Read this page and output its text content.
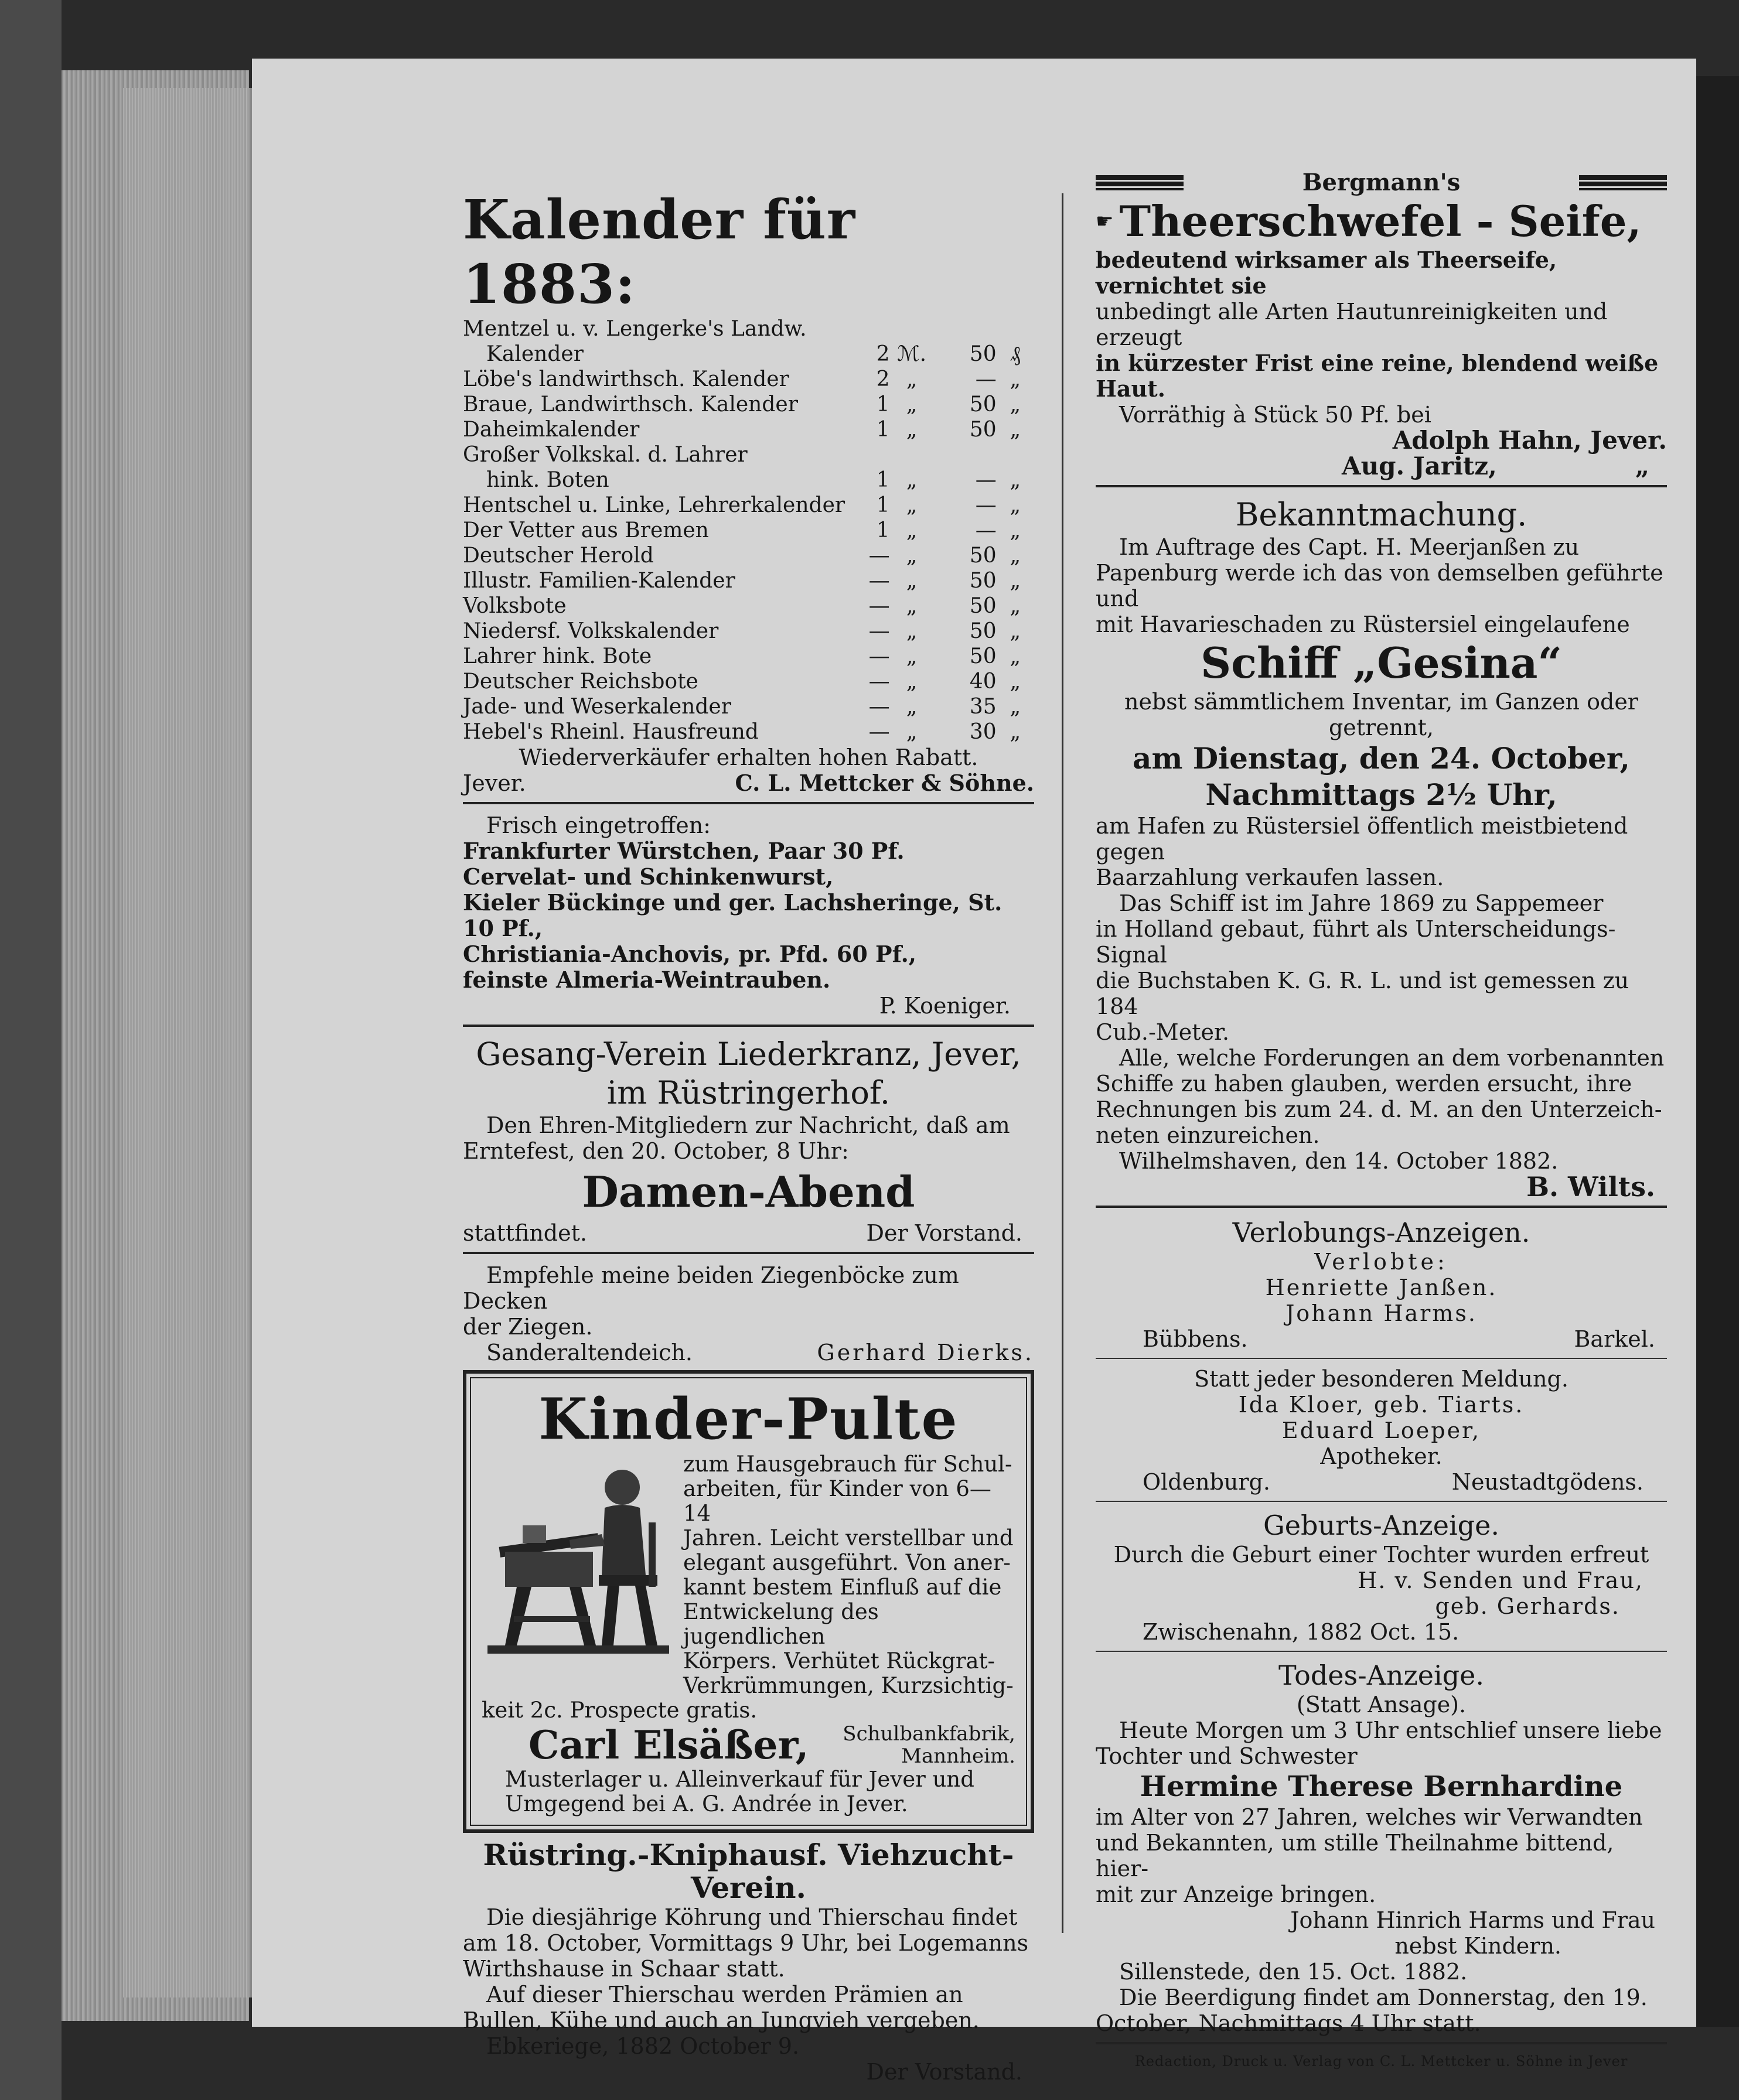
Kalender für 1883:
Mentzel u. v. Lengerke's Landw.				
Kalender	2	ℳ.	50	₰
Löbe's landwirthsch. Kalender	2	„	—	„
Braue, Landwirthsch. Kalender	1	„	50	„
Daheimkalender	1	„	50	„
Großer Volkskal. d. Lahrer				
hink. Boten	1	„	—	„
Hentschel u. Linke, Lehrerkalender	1	„	—	„
Der Vetter aus Bremen	1	„	—	„
Deutscher Herold	—	„	50	„
Illustr. Familien-Kalender	—	„	50	„
Volksbote	—	„	50	„
Niedersf. Volkskalender	—	„	50	„
Lahrer hink. Bote	—	„	50	„
Deutscher Reichsbote	—	„	40	„
Jade- und Weserkalender	—	„	35	„
Hebel's Rheinl. Hausfreund	—	„	30	„
Wiederverkäufer erhalten hohen Rabatt.
Jever.	C. L. Mettcker & Söhne.
Frisch eingetroffen:
Frankfurter Würstchen, Paar 30 Pf.
Cervelat- und Schinkenwurst,
Kieler Bückinge und ger. Lachsheringe, St. 10 Pf.,
Christiania-Anchovis, pr. Pfd. 60 Pf.,
feinste Almeria-Weintrauben.
P. Koeniger.
Gesang-Verein Liederkranz, Jever,
im Rüstringerhof.
Den Ehren-Mitgliedern zur Nachricht, daß am
Erntefest, den 20. October, 8 Uhr:
Damen-Abend
stattfindet.	Der Vorstand.
Empfehle meine beiden Ziegenböcke zum Decken
der Ziegen.
Sanderaltendeich.	Gerhard Dierks.
Kinder-Pulte
zum Hausgebrauch für Schul-
arbeiten, für Kinder von 6—14
Jahren. Leicht verstellbar und
elegant ausgeführt. Von aner-
kannt bestem Einfluß auf die
Entwickelung des jugendlichen
Körpers. Verhütet Rückgrat-
Verkrümmungen, Kurzsichtig-
keit 2c. Prospecte gratis.
Carl Elsäßer, Schulbankfabrik,
Mannheim.
Musterlager u. Alleinverkauf für Jever und
Umgegend bei A. G. Andrée in Jever.
Rüstring.-Kniphausf. Viehzucht-Verein.
Die diesjährige Köhrung und Thierschau findet
am 18. October, Vormittags 9 Uhr, bei Logemanns
Wirthshause in Schaar statt.
Auf dieser Thierschau werden Prämien an
Bullen, Kühe und auch an Jungvieh vergeben.
Ebkeriege, 1882 October 9.
Der Vorstand.
Bergmann's
☛ Theerschwefel - Seife,
bedeutend wirksamer als Theerseife, vernichtet sie
unbedingt alle Arten Hautunreinigkeiten und erzeugt
in kürzester Frist eine reine, blendend weiße Haut.
Vorräthig à Stück 50 Pf. bei
Adolph Hahn, Jever.
Aug. Jaritz,	„
Bekanntmachung.
Im Auftrage des Capt. H. Meerjanßen zu
Papenburg werde ich das von demselben geführte und
mit Havarieschaden zu Rüstersiel eingelaufene
Schiff „Gesina“
nebst sämmtlichem Inventar, im Ganzen oder getrennt,
am Dienstag, den 24. October,
Nachmittags 2½ Uhr,
am Hafen zu Rüstersiel öffentlich meistbietend gegen
Baarzahlung verkaufen lassen.
Das Schiff ist im Jahre 1869 zu Sappemeer
in Holland gebaut, führt als Unterscheidungs-Signal
die Buchstaben K. G. R. L. und ist gemessen zu 184
Cub.-Meter.
Alle, welche Forderungen an dem vorbenannten
Schiffe zu haben glauben, werden ersucht, ihre
Rechnungen bis zum 24. d. M. an den Unterzeich-
neten einzureichen.
Wilhelmshaven, den 14. October 1882.
B. Wilts.
Verlobungs-Anzeigen.
Verlobte:
Henriette Janßen.
Johann Harms.
Bübbens.	Barkel.
Statt jeder besonderen Meldung.
Ida Kloer, geb. Tiarts.
Eduard Loeper,
Apotheker.
Oldenburg.	Neustadtgödens.
Geburts-Anzeige.
Durch die Geburt einer Tochter wurden erfreut
H. v. Senden und Frau,
geb. Gerhards.
Zwischenahn, 1882 Oct. 15.
Todes-Anzeige.
(Statt Ansage).
Heute Morgen um 3 Uhr entschlief unsere liebe
Tochter und Schwester
Hermine Therese Bernhardine
im Alter von 27 Jahren, welches wir Verwandten
und Bekannten, um stille Theilnahme bittend, hier-
mit zur Anzeige bringen.
Johann Hinrich Harms und Frau
nebst Kindern.
Sillenstede, den 15. Oct. 1882.
Die Beerdigung findet am Donnerstag, den 19.
October, Nachmittags 4 Uhr statt.
Redaction, Druck u. Verlag von C. L. Mettcker u. Söhne in Jever
